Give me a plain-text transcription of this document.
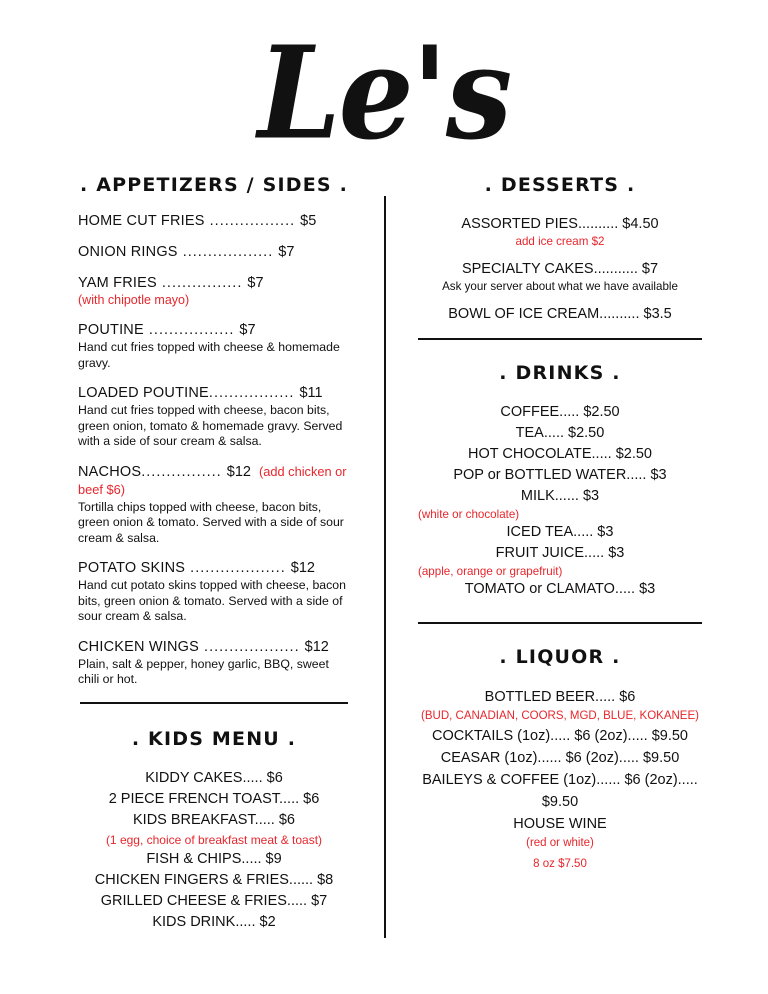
Le's
. APPETIZERS / SIDES .
HOME CUT FRIES ................. $5
ONION RINGS .................. $7
YAM FRIES ................ $7
(with chipotle mayo)
POUTINE ................. $7
Hand cut fries topped with cheese & homemade gravy.
LOADED POUTINE................. $11
Hand cut fries topped with cheese, bacon bits, green onion, tomato & homemade gravy. Served with a side of sour cream & salsa.
NACHOS................ $12 (add chicken or beef $6)
Tortilla chips topped with cheese, bacon bits, green onion & tomato. Served with a side of sour cream & salsa.
POTATO SKINS ................... $12
Hand cut potato skins topped with cheese, bacon bits, green onion & tomato. Served with a side of sour cream & salsa.
CHICKEN WINGS ................... $12
Plain, salt & pepper, honey garlic, BBQ, sweet chili or hot.
. KIDS MENU .
KIDDY CAKES..... $6
2 PIECE FRENCH TOAST..... $6
KIDS BREAKFAST..... $6
(1 egg, choice of breakfast meat & toast)
FISH & CHIPS..... $9
CHICKEN FINGERS & FRIES...... $8
GRILLED CHEESE & FRIES..... $7
KIDS DRINK..... $2
. DESSERTS .
ASSORTED PIES.......... $4.50
add ice cream $2
SPECIALTY CAKES........... $7
Ask your server about what we have available
BOWL OF ICE CREAM.......... $3.5
. DRINKS .
COFFEE..... $2.50
TEA..... $2.50
HOT CHOCOLATE..... $2.50
POP or BOTTLED WATER..... $3
MILK...... $3
(white or chocolate)
ICED TEA..... $3
FRUIT JUICE..... $3
(apple, orange or grapefruit)
TOMATO or CLAMATO..... $3
. LIQUOR .
BOTTLED BEER..... $6
(BUD, CANADIAN, COORS, MGD, BLUE, KOKANEE)
COCKTAILS (1oz)..... $6 (2oz)..... $9.50
CEASAR (1oz)...... $6 (2oz)..... $9.50
BAILEYS & COFFEE (1oz)...... $6 (2oz)..... $9.50
HOUSE WINE
(red or white)
8 oz $7.50
